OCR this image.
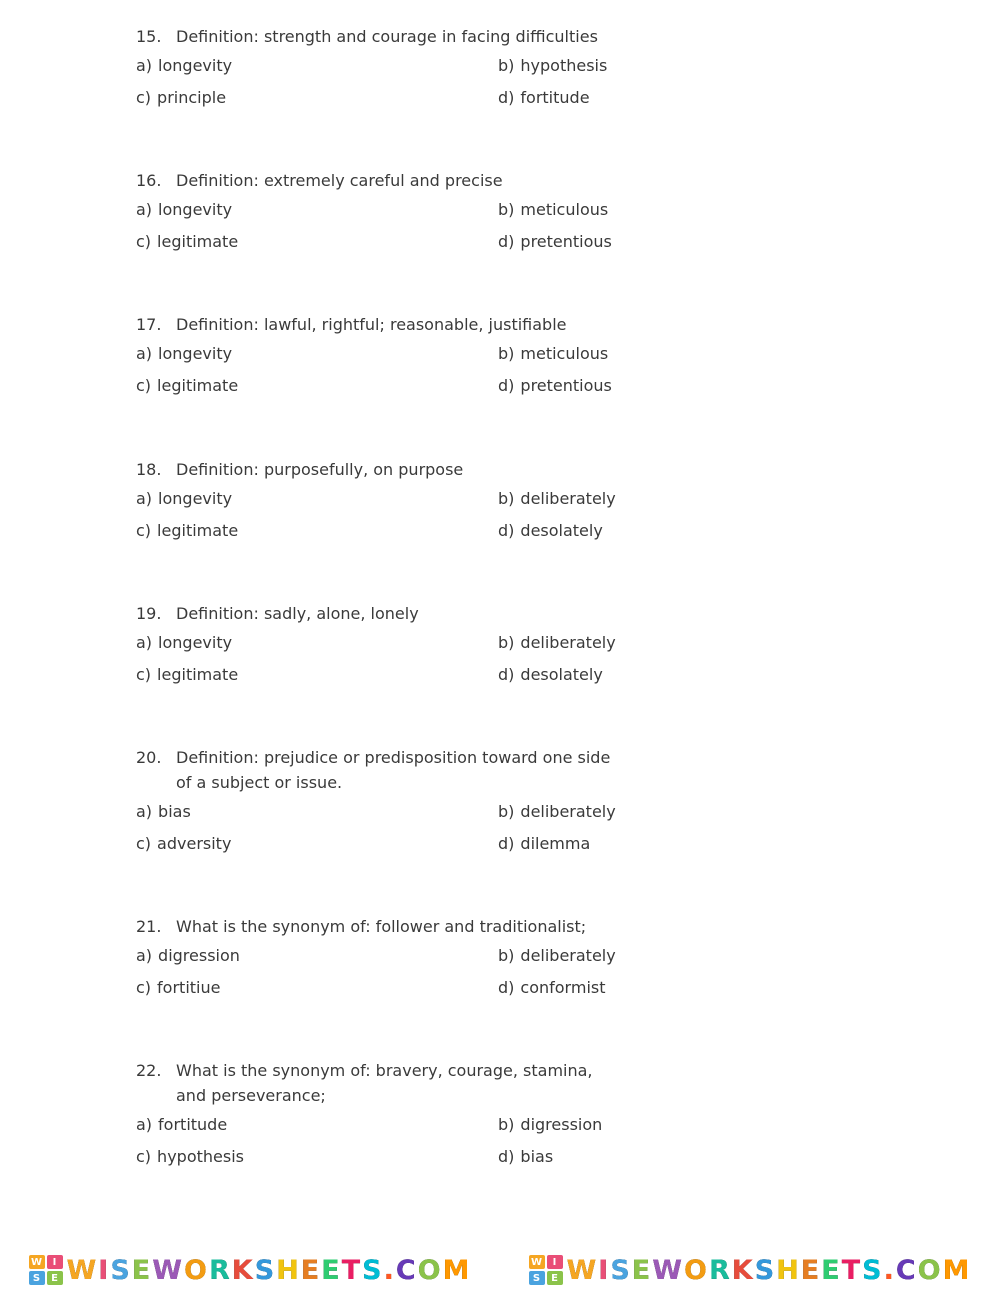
15. Definition: strength and courage in facing difficulties
a) longevity	b) hypothesis
c) principle	d) fortitude
16. Definition: extremely careful and precise
a) longevity	b) meticulous
c) legitimate	d) pretentious
17. Definition: lawful, rightful; reasonable, justifiable
a) longevity	b) meticulous
c) legitimate	d) pretentious
18. Definition: purposefully, on purpose
a) longevity	b) deliberately
c) legitimate	d) desolately
19. Definition: sadly, alone, lonely
a) longevity	b) deliberately
c) legitimate	d) desolately
20. Definition: prejudice or predisposition toward one side of a subject or issue.
a) bias	b) deliberately
c) adversity	d) dilemma
21. What is the synonym of: follower and traditionalist;
a) digression	b) deliberately
c) fortitiue	d) conformist
22. What is the synonym of: bravery, courage, stamina, and perseverance;
a) fortitude	b) digression
c) hypothesis	d) bias
W	I
S	E WISEWORKSHEETS.COM	W	I
S	E WISEWORKSHEETS.COM
